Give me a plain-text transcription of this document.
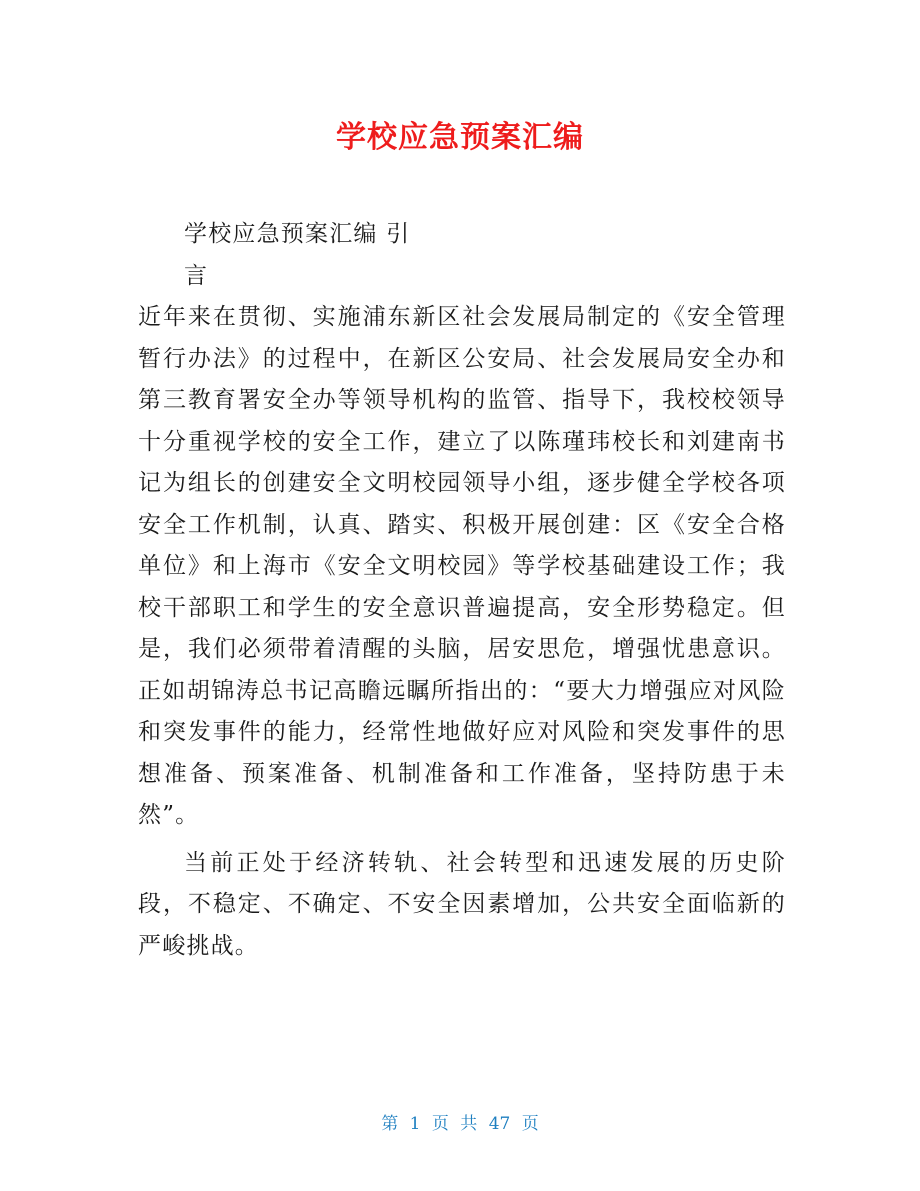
学校应急预案汇编

学校应急预案汇编 引

言

近年来在贯彻、实施浦东新区社会发展局制定的《安全管理暂行办法》的过程中，在新区公安局、社会发展局安全办和第三教育署安全办等领导机构的监管、指导下，我校校领导十分重视学校的安全工作，建立了以陈瑾玮校长和刘建南书记为组长的创建安全文明校园领导小组，逐步健全学校各项安全工作机制，认真、踏实、积极开展创建：区《安全合格单位》和上海市《安全文明校园》等学校基础建设工作；我校干部职工和学生的安全意识普遍提高，安全形势稳定。但是，我们必须带着清醒的头脑，居安思危，增强忧患意识。正如胡锦涛总书记高瞻远瞩所指出的：“要大力增强应对风险和突发事件的能力，经常性地做好应对风险和突发事件的思想准备、预案准备、机制准备和工作准备，坚持防患于未然”。

当前正处于经济转轨、社会转型和迅速发展的历史阶段，不稳定、不确定、不安全因素增加，公共安全面临新的严峻挑战。

第 1 页 共 47 页
